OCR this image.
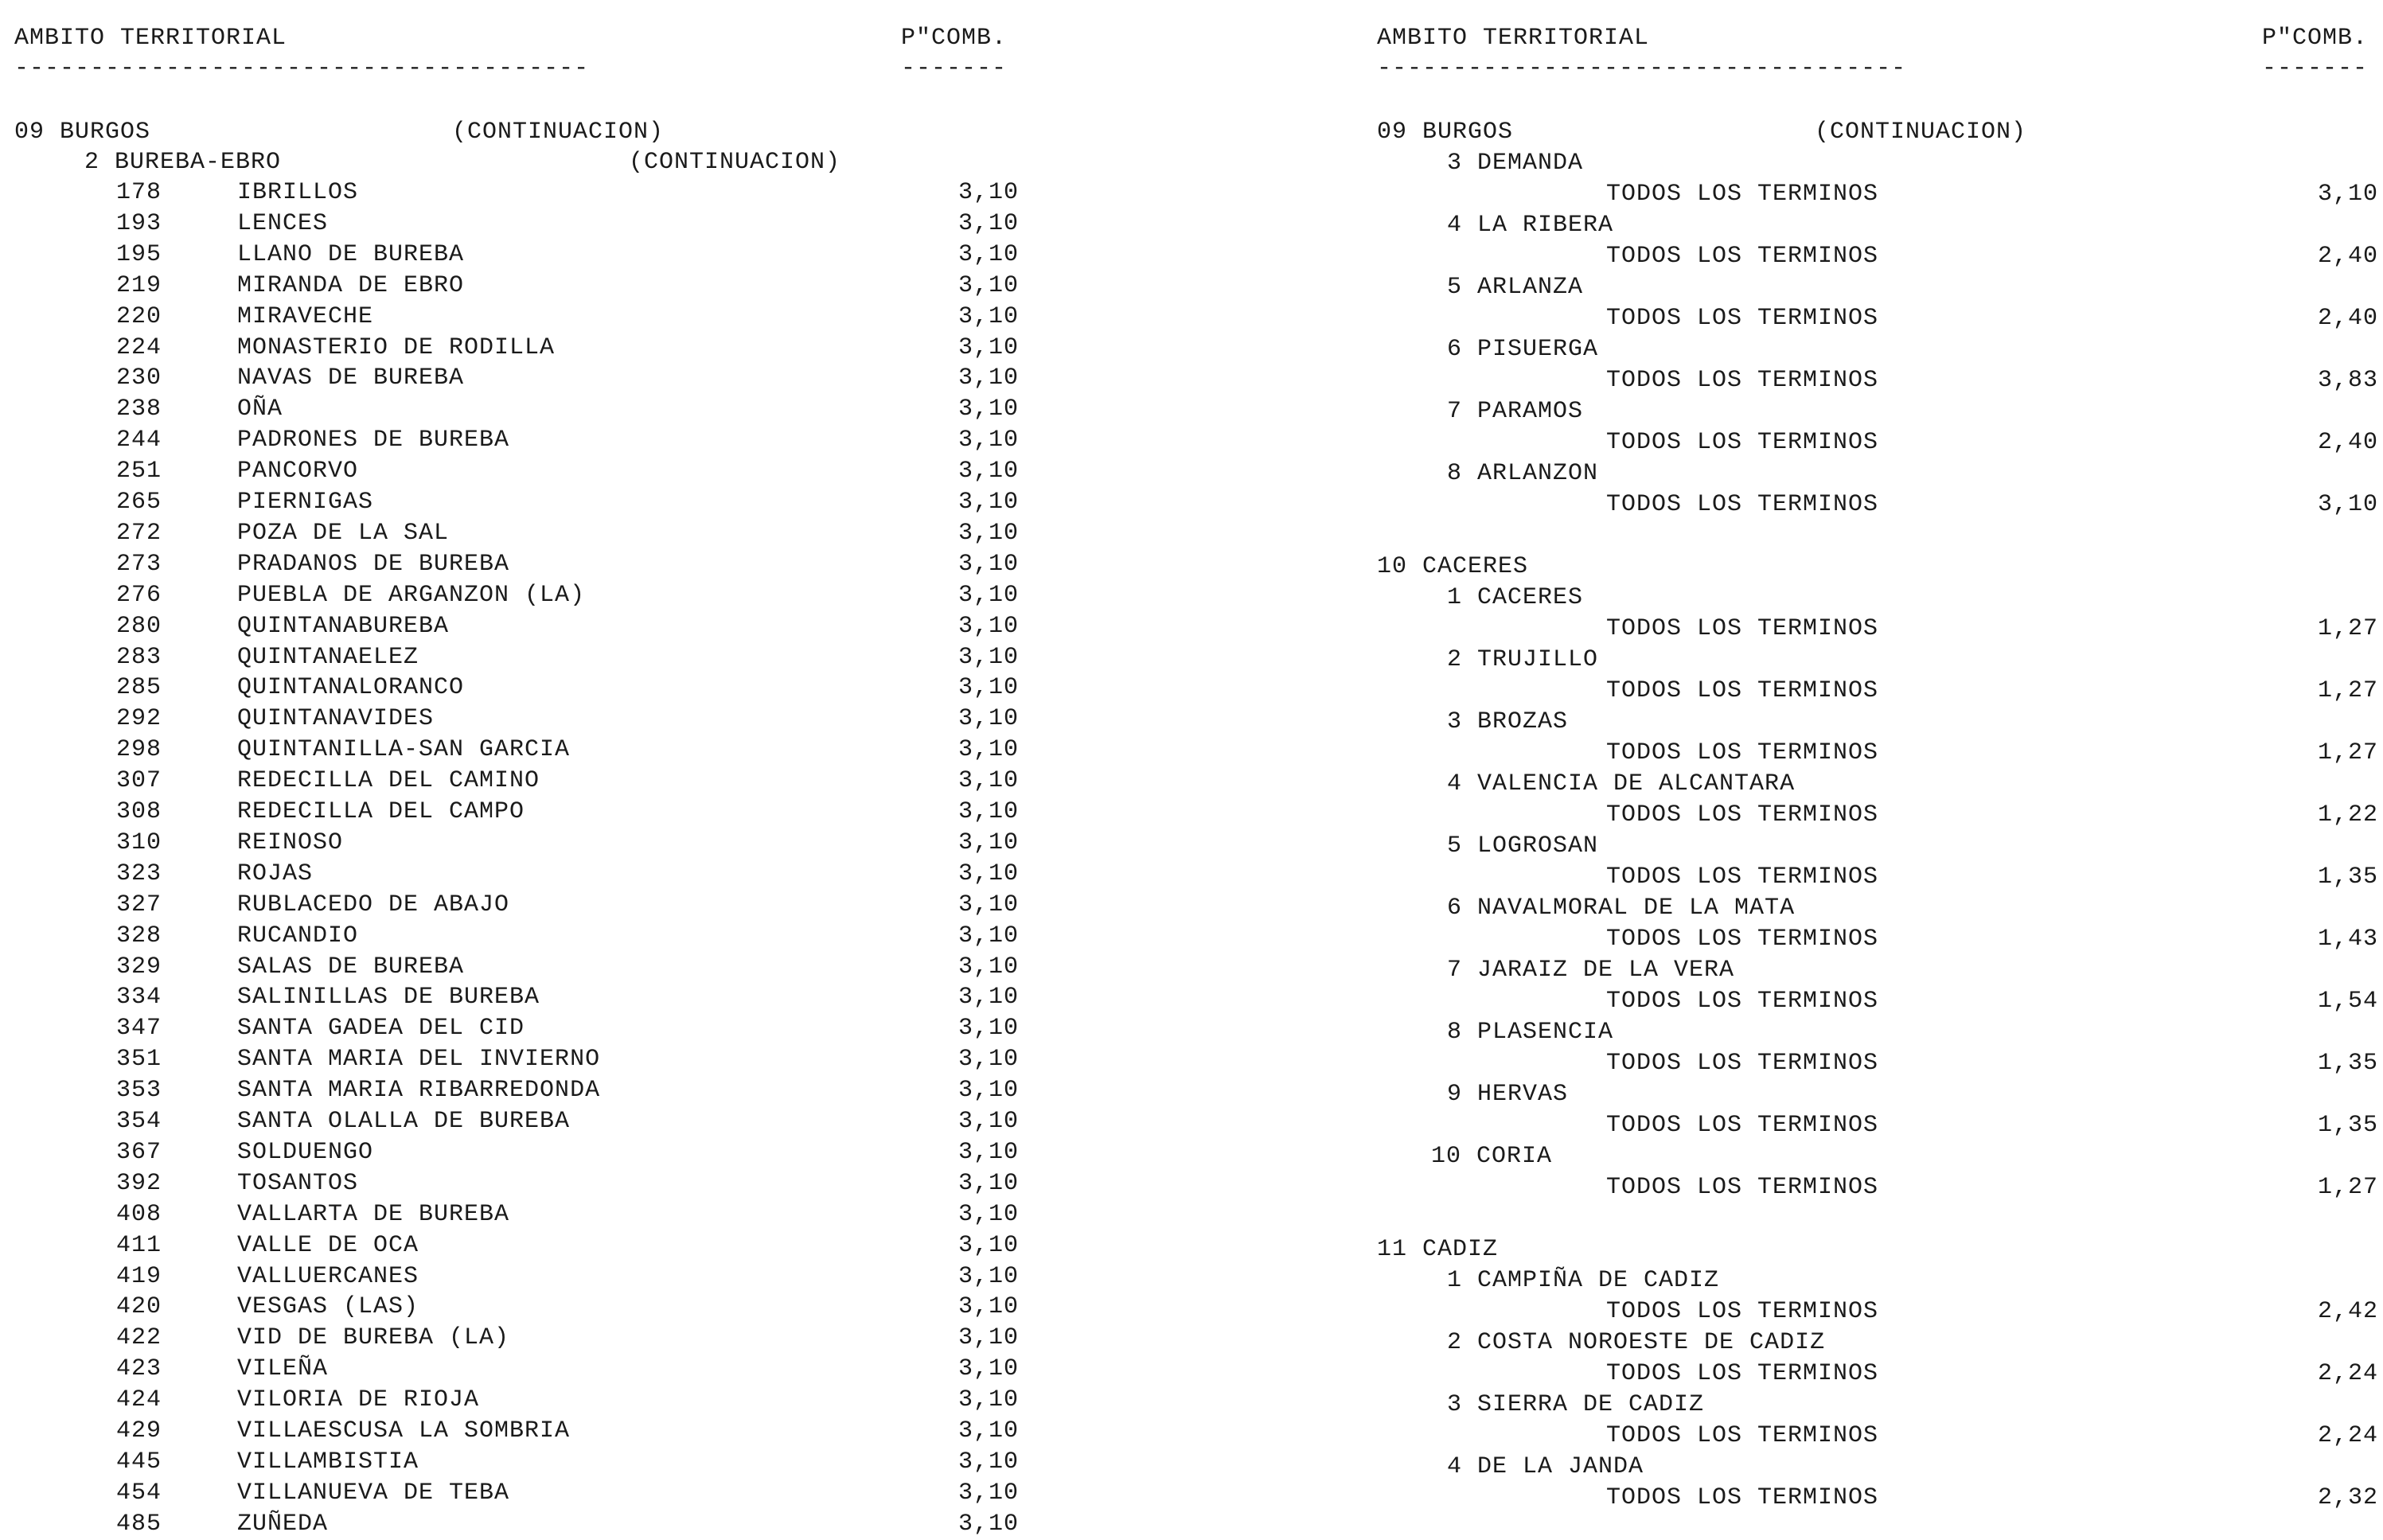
AMBITO TERRITORIAL

	P"COMB.

--------------------------------------

	-------

09 BURGOS

	(CONTINUACION)

2 BUREBA-EBRO

	(CONTINUACION)

178	IBRILLOS	3,10
193	LENCES	3,10
195	LLANO DE BUREBA	3,10
219	MIRANDA DE EBRO	3,10
220	MIRAVECHE	3,10
224	MONASTERIO DE RODILLA	3,10
230	NAVAS DE BUREBA	3,10
238	OÑA	3,10
244	PADRONES DE BUREBA	3,10
251	PANCORVO	3,10
265	PIERNIGAS	3,10
272	POZA DE LA SAL	3,10
273	PRADANOS DE BUREBA	3,10
276	PUEBLA DE ARGANZON (LA)	3,10
280	QUINTANABUREBA	3,10
283	QUINTANAELEZ	3,10
285	QUINTANALORANCO	3,10
292	QUINTANAVIDES	3,10
298	QUINTANILLA-SAN GARCIA	3,10
307	REDECILLA DEL CAMINO	3,10
308	REDECILLA DEL CAMPO	3,10
310	REINOSO	3,10
323	ROJAS	3,10
327	RUBLACEDO DE ABAJO	3,10
328	RUCANDIO	3,10
329	SALAS DE BUREBA	3,10
334	SALINILLAS DE BUREBA	3,10
347	SANTA GADEA DEL CID	3,10
351	SANTA MARIA DEL INVIERNO	3,10
353	SANTA MARIA RIBARREDONDA	3,10
354	SANTA OLALLA DE BUREBA	3,10
367	SOLDUENGO	3,10
392	TOSANTOS	3,10
408	VALLARTA DE BUREBA	3,10
411	VALLE DE OCA	3,10
419	VALLUERCANES	3,10
420	VESGAS (LAS)	3,10
422	VID DE BUREBA (LA)	3,10
423	VILEÑA	3,10
424	VILORIA DE RIOJA	3,10
429	VILLAESCUSA LA SOMBRIA	3,10
445	VILLAMBISTIA	3,10
454	VILLANUEVA DE TEBA	3,10
485	ZUÑEDA	3,10

AMBITO TERRITORIAL

	P"COMB.

-----------------------------------

	-------

09 BURGOS	(CONTINUACION)
3 DEMANDA
TODOS LOS TERMINOS	3,10
4 LA RIBERA
TODOS LOS TERMINOS	2,40
5 ARLANZA
TODOS LOS TERMINOS	2,40
6 PISUERGA
TODOS LOS TERMINOS	3,83
7 PARAMOS
TODOS LOS TERMINOS	2,40
8 ARLANZON
TODOS LOS TERMINOS	3,10
10 CACERES
1 CACERES
TODOS LOS TERMINOS	1,27
2 TRUJILLO
TODOS LOS TERMINOS	1,27
3 BROZAS
TODOS LOS TERMINOS	1,27
4 VALENCIA DE ALCANTARA
TODOS LOS TERMINOS	1,22
5 LOGROSAN
TODOS LOS TERMINOS	1,35
6 NAVALMORAL DE LA MATA
TODOS LOS TERMINOS	1,43
7 JARAIZ DE LA VERA
TODOS LOS TERMINOS	1,54
8 PLASENCIA
TODOS LOS TERMINOS	1,35
9 HERVAS
TODOS LOS TERMINOS	1,35
10 CORIA
TODOS LOS TERMINOS	1,27
11 CADIZ
1 CAMPIÑA DE CADIZ
TODOS LOS TERMINOS	2,42
2 COSTA NOROESTE DE CADIZ
TODOS LOS TERMINOS	2,24
3 SIERRA DE CADIZ
TODOS LOS TERMINOS	2,24
4 DE LA JANDA
TODOS LOS TERMINOS	2,32
